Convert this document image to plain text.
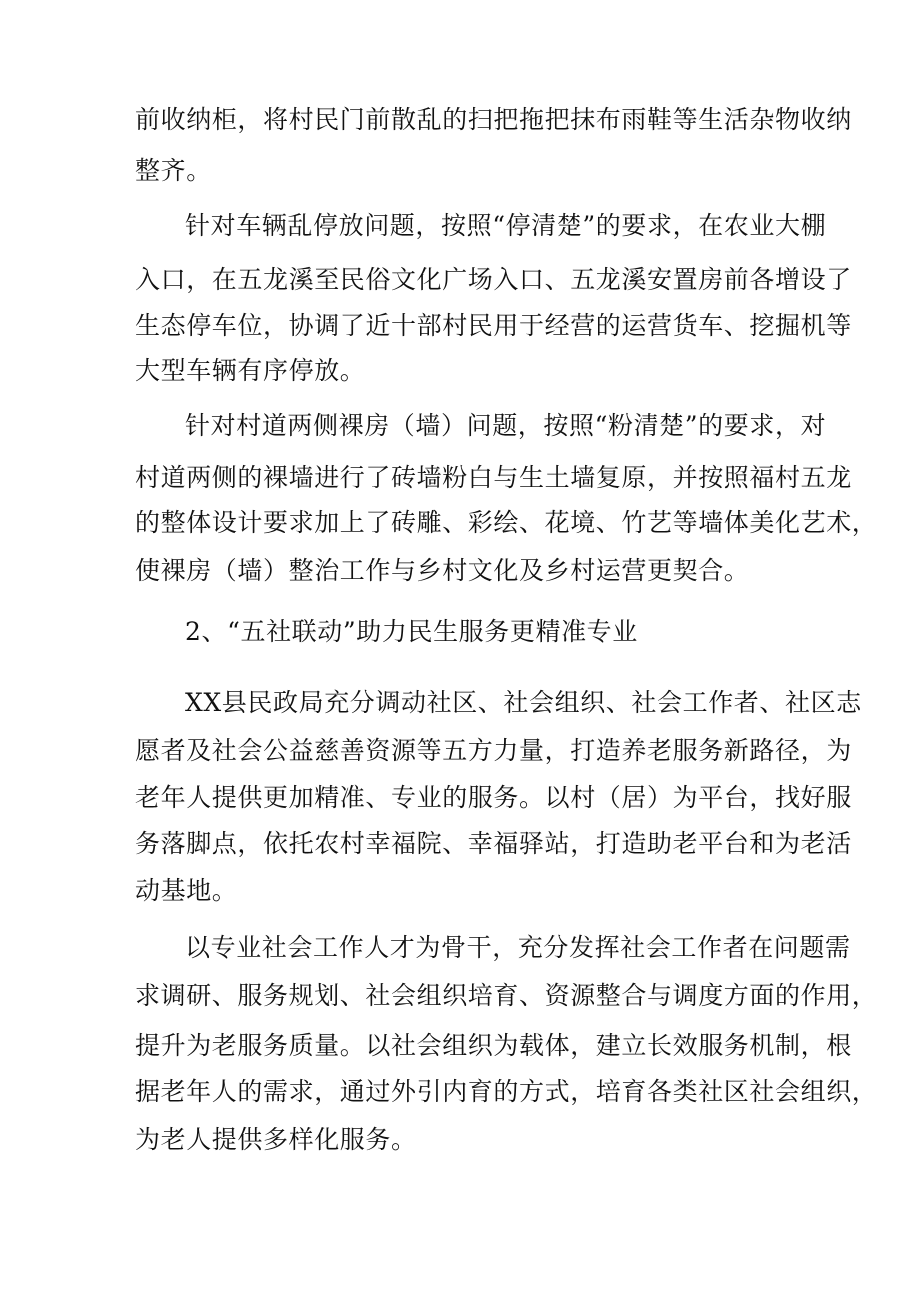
前收纳柜，将村民门前散乱的扫把拖把抹布雨鞋等生活杂物收纳
整齐。
针对车辆乱停放问题，按照“停清楚”的要求，在农业大棚
入口，在五龙溪至民俗文化广场入口、五龙溪安置房前各增设了
生态停车位，协调了近十部村民用于经营的运营货车、挖掘机等
大型车辆有序停放。
针对村道两侧裸房（墙）问题，按照“粉清楚”的要求，对
村道两侧的裸墙进行了砖墙粉白与生土墙复原，并按照福村五龙
的整体设计要求加上了砖雕、彩绘、花境、竹艺等墙体美化艺术，
使裸房（墙）整治工作与乡村文化及乡村运营更契合。
2、“五社联动”助力民生服务更精准专业
XX县民政局充分调动社区、社会组织、社会工作者、社区志
愿者及社会公益慈善资源等五方力量，打造养老服务新路径，为
老年人提供更加精准、专业的服务。以村（居）为平台，找好服
务落脚点，依托农村幸福院、幸福驿站，打造助老平台和为老活
动基地。
以专业社会工作人才为骨干，充分发挥社会工作者在问题需
求调研、服务规划、社会组织培育、资源整合与调度方面的作用，
提升为老服务质量。以社会组织为载体，建立长效服务机制，根
据老年人的需求，通过外引内育的方式，培育各类社区社会组织，
为老人提供多样化服务。
